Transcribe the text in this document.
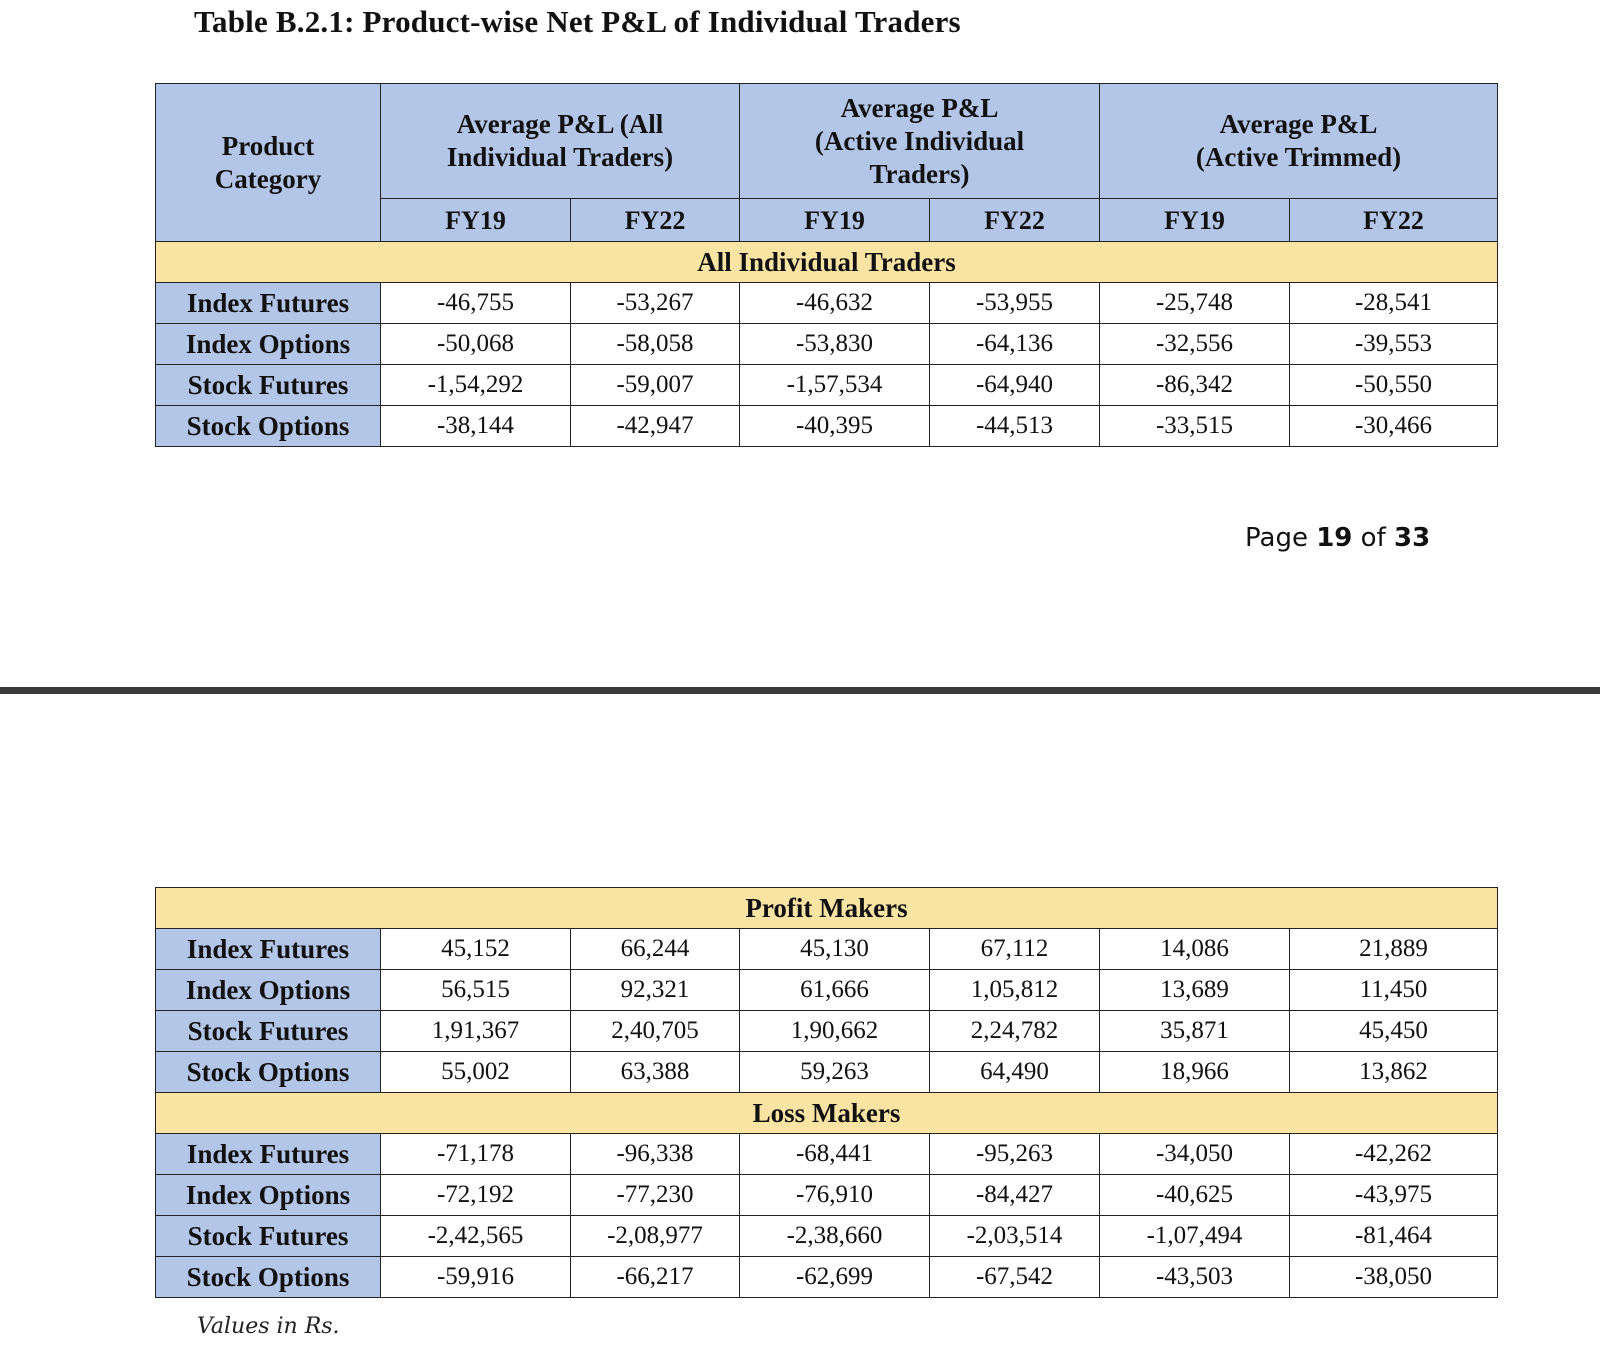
Table B.2.1: Product-wise Net P&L of Individual Traders
Product Category	Average P&L (All Individual Traders)		Average P&L (Active Individual Traders)		Average P&L (Active Trimmed)	
	FY19	FY22	FY19	FY22	FY19	FY22
All Individual Traders						
Index Futures	-46,755	-53,267	-46,632	-53,955	-25,748	-28,541
Index Options	-50,068	-58,058	-53,830	-64,136	-32,556	-39,553
Stock Futures	-1,54,292	-59,007	-1,57,534	-64,940	-86,342	-50,550
Stock Options	-38,144	-42,947	-40,395	-44,513	-33,515	-30,466
Page 19 of 33
Profit Makers						
Index Futures	45,152	66,244	45,130	67,112	14,086	21,889
Index Options	56,515	92,321	61,666	1,05,812	13,689	11,450
Stock Futures	1,91,367	2,40,705	1,90,662	2,24,782	35,871	45,450
Stock Options	55,002	63,388	59,263	64,490	18,966	13,862
Loss Makers						
Index Futures	-71,178	-96,338	-68,441	-95,263	-34,050	-42,262
Index Options	-72,192	-77,230	-76,910	-84,427	-40,625	-43,975
Stock Futures	-2,42,565	-2,08,977	-2,38,660	-2,03,514	-1,07,494	-81,464
Stock Options	-59,916	-66,217	-62,699	-67,542	-43,503	-38,050
Values in Rs.
